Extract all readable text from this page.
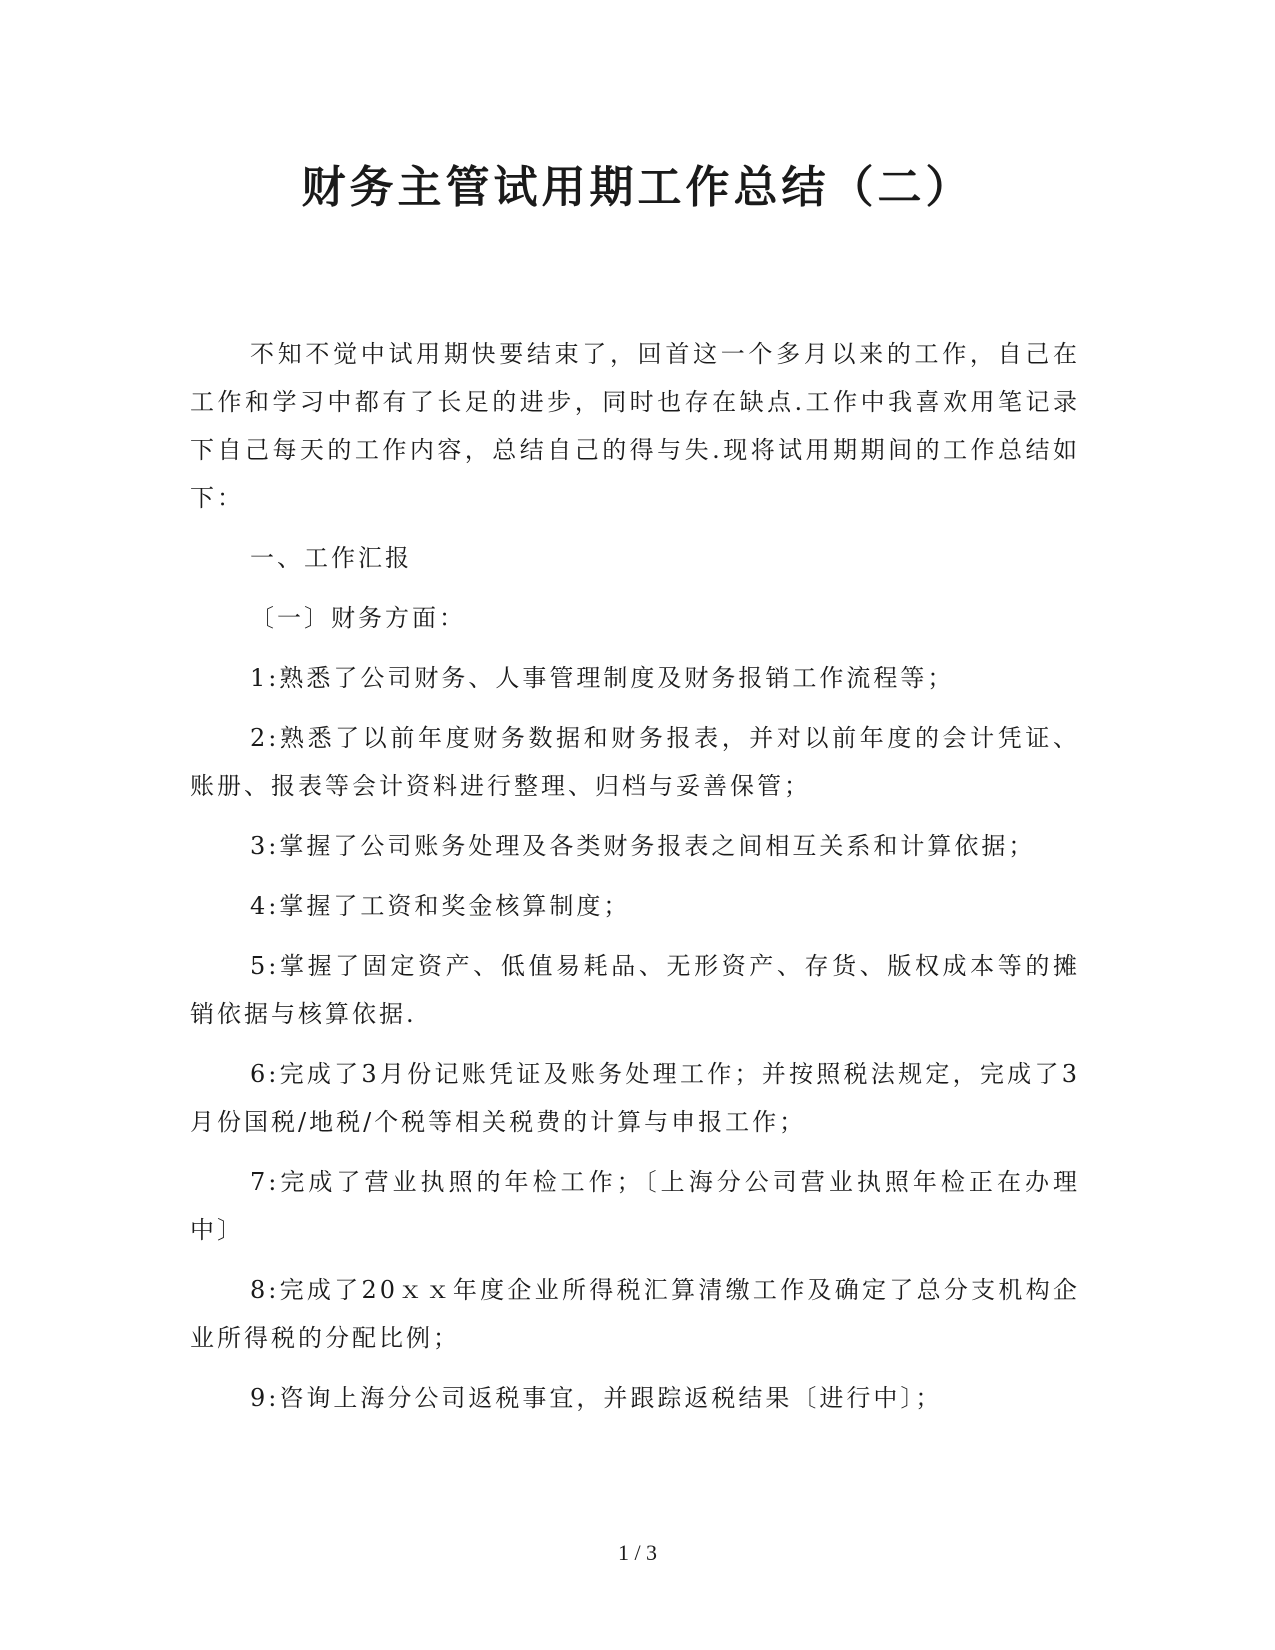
财务主管试用期工作总结（二）

不知不觉中试用期快要结束了，回首这一个多月以来的工作，自己在工作和学习中都有了长足的进步，同时也存在缺点.工作中我喜欢用笔记录下自己每天的工作内容，总结自己的得与失.现将试用期期间的工作总结如下：

一、工作汇报

〔一〕财务方面：

1:熟悉了公司财务、人事管理制度及财务报销工作流程等；

2:熟悉了以前年度财务数据和财务报表，并对以前年度的会计凭证、账册、报表等会计资料进行整理、归档与妥善保管；

3:掌握了公司账务处理及各类财务报表之间相互关系和计算依据；

4:掌握了工资和奖金核算制度；

5:掌握了固定资产、低值易耗品、无形资产、存货、版权成本等的摊销依据与核算依据.

6:完成了3月份记账凭证及账务处理工作；并按照税法规定，完成了3月份国税/地税/个税等相关税费的计算与申报工作；

7:完成了营业执照的年检工作；〔上海分公司营业执照年检正在办理中〕

8:完成了20ｘｘ年度企业所得税汇算清缴工作及确定了总分支机构企业所得税的分配比例；

9:咨询上海分公司返税事宜，并跟踪返税结果〔进行中〕；

1 / 3
